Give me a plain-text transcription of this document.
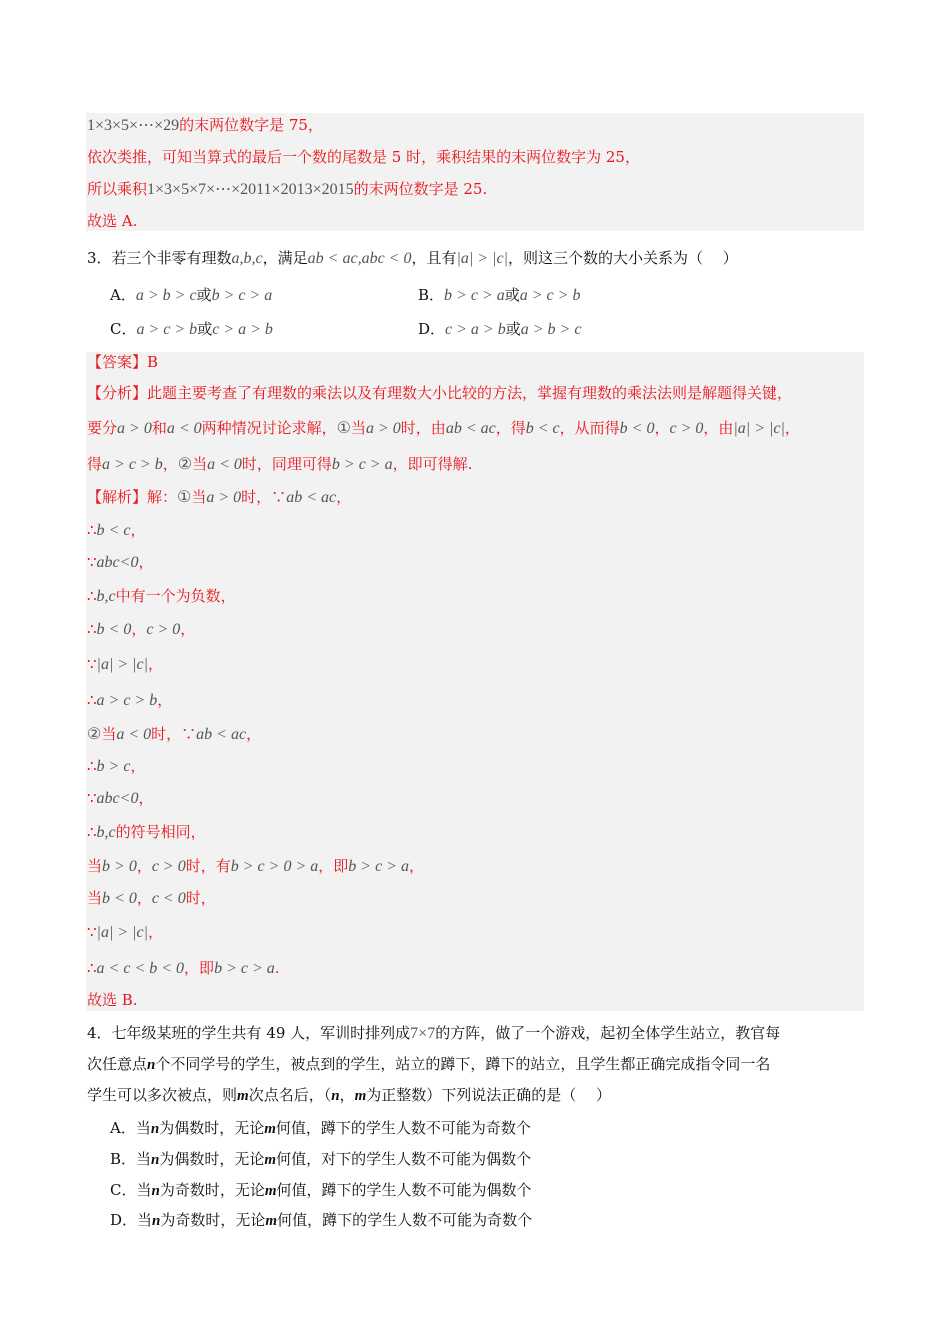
1×3×5×⋯×29的末两位数字是 75，
依次类推，可知当算式的最后一个数的尾数是 5 时，乘积结果的末两位数字为 25，
所以乘积1×3×5×7×⋯×2011×2013×2015的末两位数字是 25.
故选 A.
3．若三个非零有理数a,b,c，满足ab < ac,abc < 0，且有|a| > |c|，则这三个数的大小关系为（　 ）
A．a > b > c或b > c > a	B．b > c > a或a > c > b
C．a > c > b或c > a > b	D．c > a > b或a > b > c
【答案】B
【分析】此题主要考查了有理数的乘法以及有理数大小比较的方法，掌握有理数的乘法法则是解题得关键，
要分a > 0和a < 0两种情况讨论求解，①当a > 0时，由ab < ac，得b < c，从而得b < 0，c > 0，由|a| > |c|，
得a > c > b，②当a < 0时，同理可得b > c > a，即可得解.
【解析】解：①当a > 0时，∵ab < ac，
∴b < c，
∵abc<0，
∴b,c中有一个为负数，
∴b < 0，c > 0，
∵|a| > |c|，
∴a > c > b，
②当a < 0时，∵ab < ac，
∴b > c，
∵abc<0，
∴b,c的符号相同，
当b > 0，c > 0时，有b > c > 0 > a，即b > c > a，
当b < 0，c < 0时，
∵|a| > |c|，
∴a < c < b < 0，即b > c > a.
故选 B.
4．七年级某班的学生共有 49 人，军训时排列成7×7的方阵，做了一个游戏，起初全体学生站立，教官每
次任意点n个不同学号的学生，被点到的学生，站立的蹲下，蹲下的站立，且学生都正确完成指令同一名
学生可以多次被点，则m次点名后，（n，m为正整数）下列说法正确的是（　 ）
A．当n为偶数时，无论m何值，蹲下的学生人数不可能为奇数个
B．当n为偶数时，无论m何值，对下的学生人数不可能为偶数个
C．当n为奇数时，无论m何值，蹲下的学生人数不可能为偶数个
D．当n为奇数时，无论m何值，蹲下的学生人数不可能为奇数个
